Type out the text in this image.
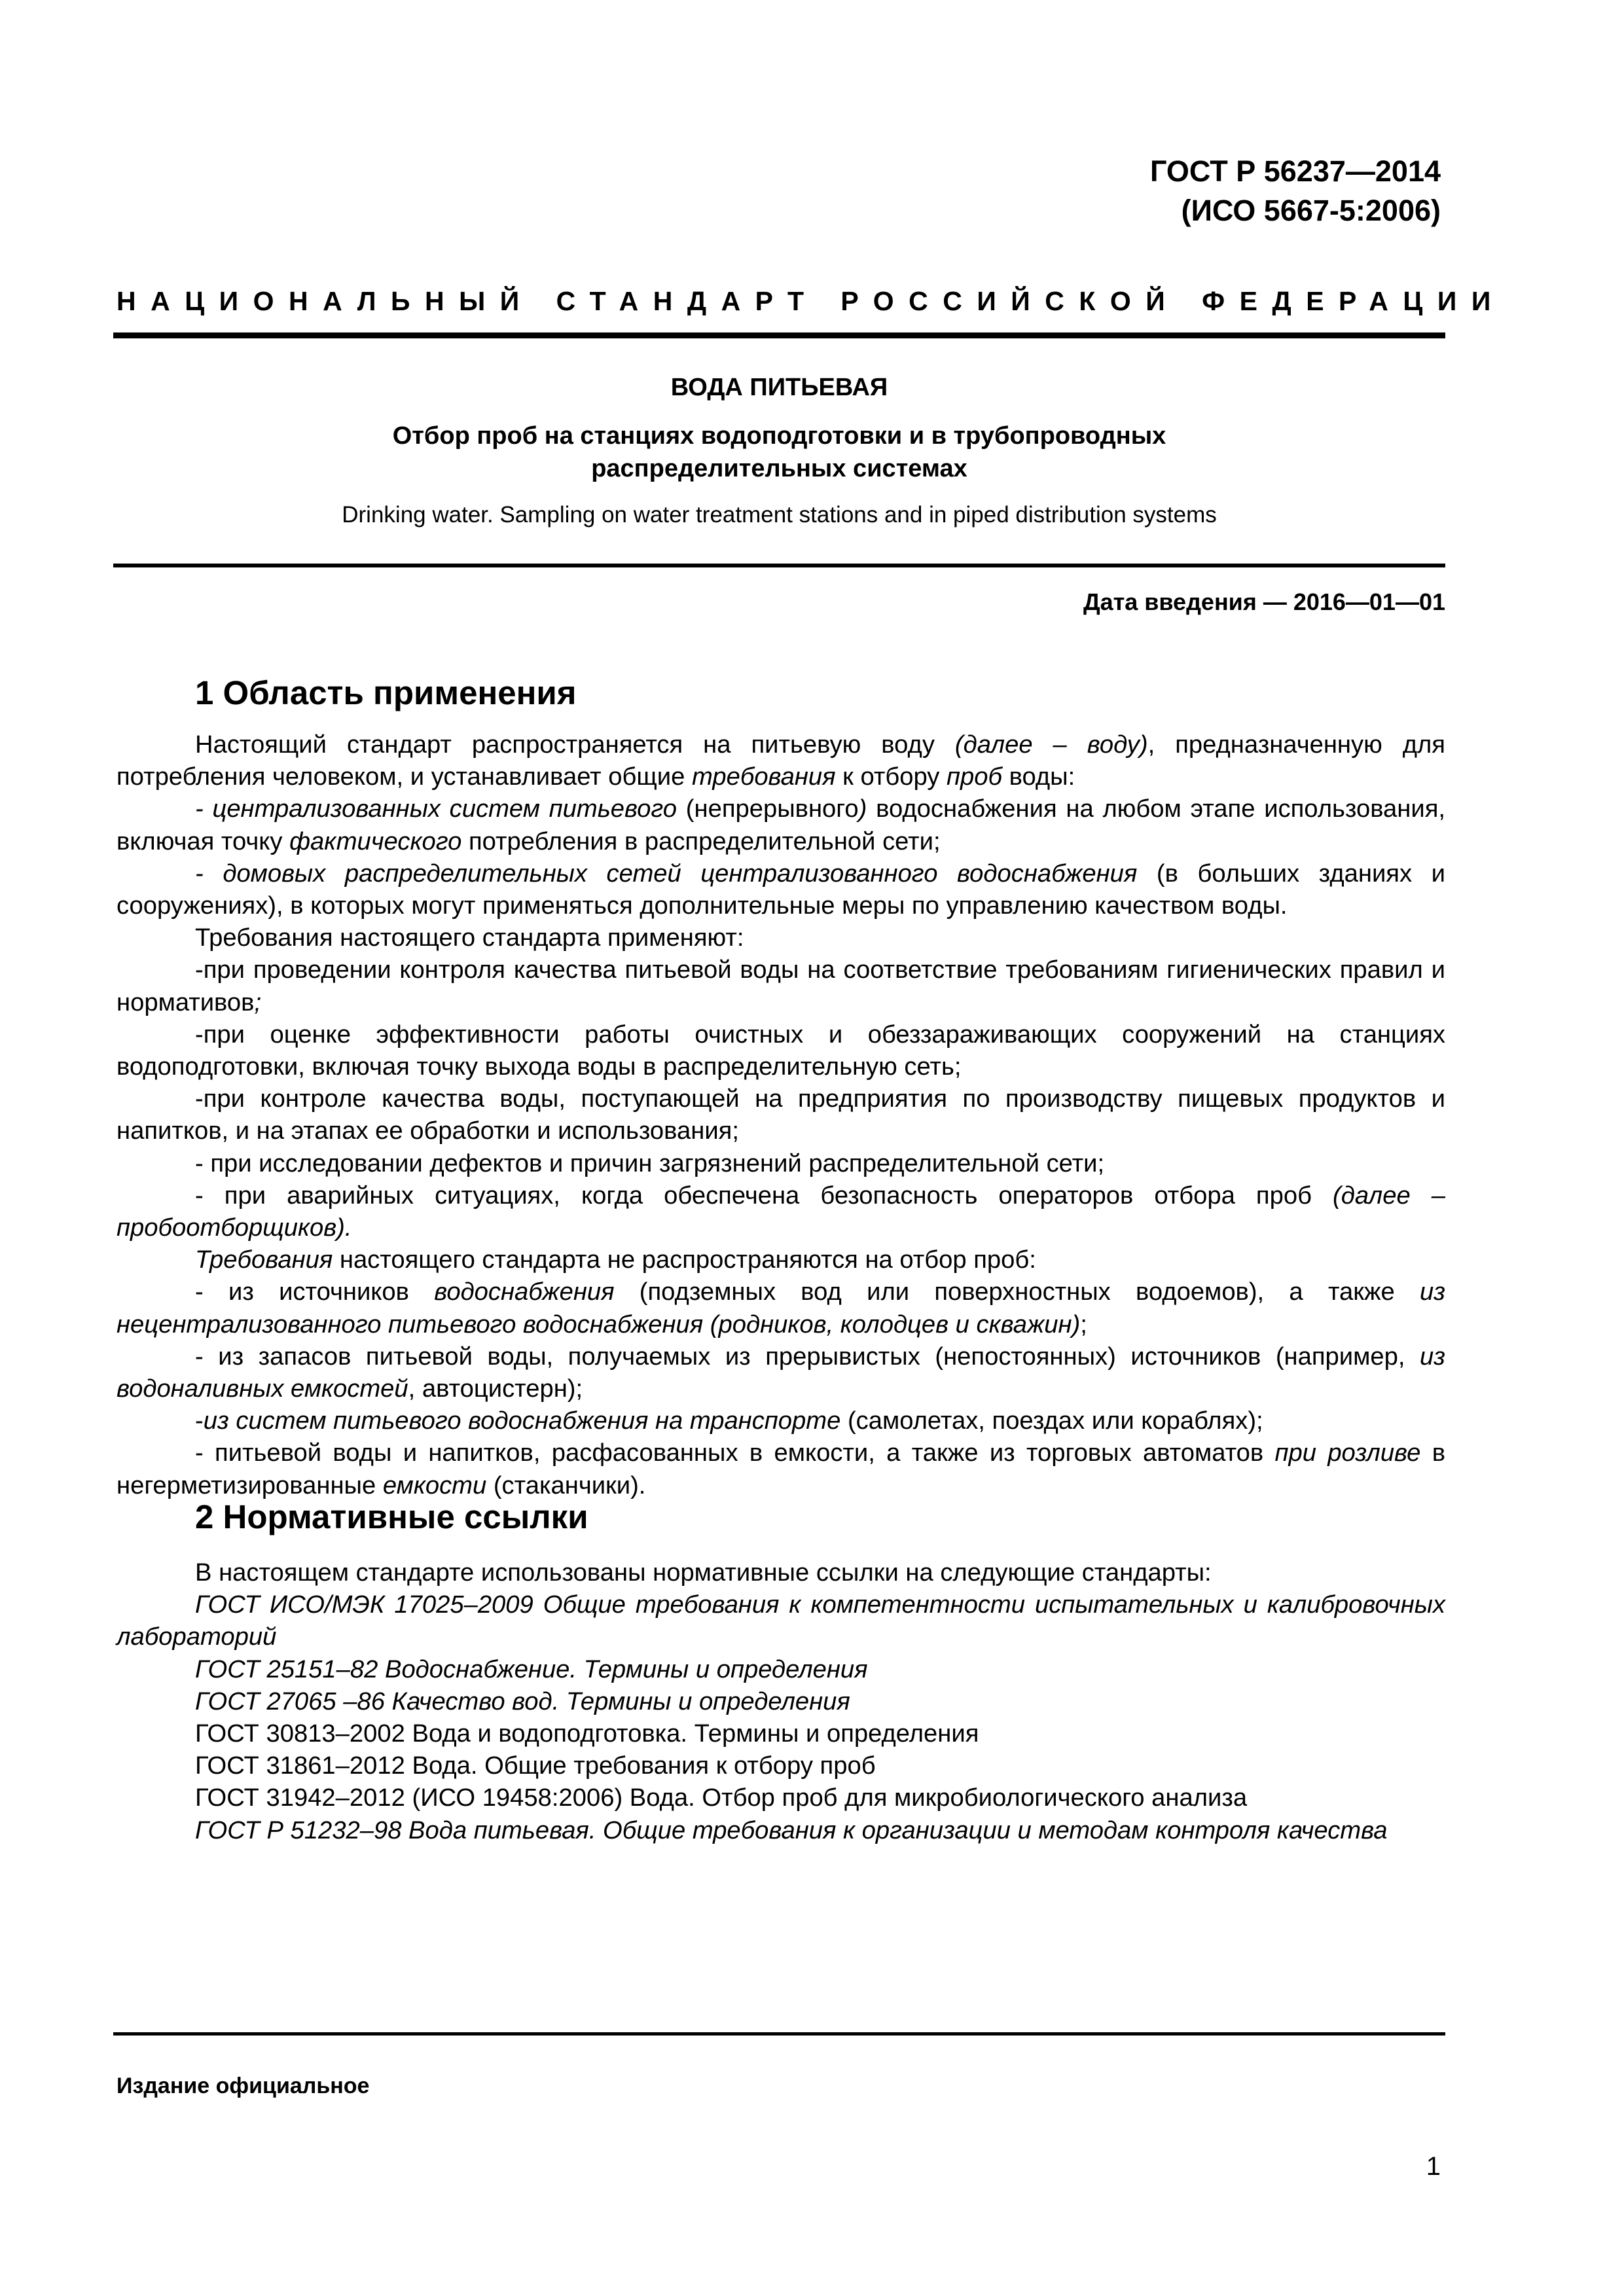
ГОСТ Р 56237—2014
(ИСО 5667-5:2006)
НАЦИОНАЛЬНЫЙ СТАНДАРТ РОССИЙСКОЙ ФЕДЕРАЦИИ
ВОДА ПИТЬЕВАЯ
Отбор проб на станциях водоподготовки и в трубопроводных
распределительных системах
Drinking water. Sampling on water treatment stations and in piped distribution systems
Дата введения — 2016—01—01
1 Область применения

Настоящий стандарт распространяется на питьевую воду (далее – воду), предназначенную для потребления человеком, и устанавливает общие требования к отбору проб воды:

- централизованных систем питьевого (непрерывного) водоснабжения на любом этапе использования, включая точку фактического потребления в распределительной сети;

- домовых распределительных сетей централизованного водоснабжения (в больших зданиях и сооружениях), в которых могут применяться дополнительные меры по управлению качеством воды.

Требования настоящего стандарта применяют:

-при проведении контроля качества питьевой воды на соответствие требованиям гигиенических правил и нормативов;

-при оценке эффективности работы очистных и обеззараживающих сооружений на станциях водоподготовки, включая точку выхода воды в распределительную сеть;

-при контроле качества воды, поступающей на предприятия по производству пищевых продуктов и напитков, и на этапах ее обработки и использования;

- при исследовании дефектов и причин загрязнений распределительной сети;

- при аварийных ситуациях, когда обеспечена безопасность операторов отбора проб (далее – пробоотборщиков).

Требования настоящего стандарта не распространяются на отбор проб:

- из источников водоснабжения (подземных вод или поверхностных водоемов), а также из нецентрализованного питьевого водоснабжения (родников, колодцев и скважин);

- из запасов питьевой воды, получаемых из прерывистых (непостоянных) источников (например, из водоналивных емкостей, автоцистерн);

-из систем питьевого водоснабжения на транспорте (самолетах, поездах или кораблях);

- питьевой воды и напитков, расфасованных в емкости, а также из торговых автоматов при розливе в негерметизированные емкости (стаканчики).

2 Нормативные ссылки

В настоящем стандарте использованы нормативные ссылки на следующие стандарты:

ГОСТ ИСО/МЭК 17025–2009 Общие требования к компетентности испытательных и калибровочных лабораторий

ГОСТ 25151–82 Водоснабжение. Термины и определения

ГОСТ 27065 –86 Качество вод. Термины и определения

ГОСТ 30813–2002 Вода и водоподготовка. Термины и определения

ГОСТ 31861–2012 Вода. Общие требования к отбору проб

ГОСТ 31942–2012 (ИСО 19458:2006) Вода. Отбор проб для микробиологического анализа

ГОСТ Р 51232–98 Вода питьевая. Общие требования к организации и методам контроля качества

Издание официальное
1
